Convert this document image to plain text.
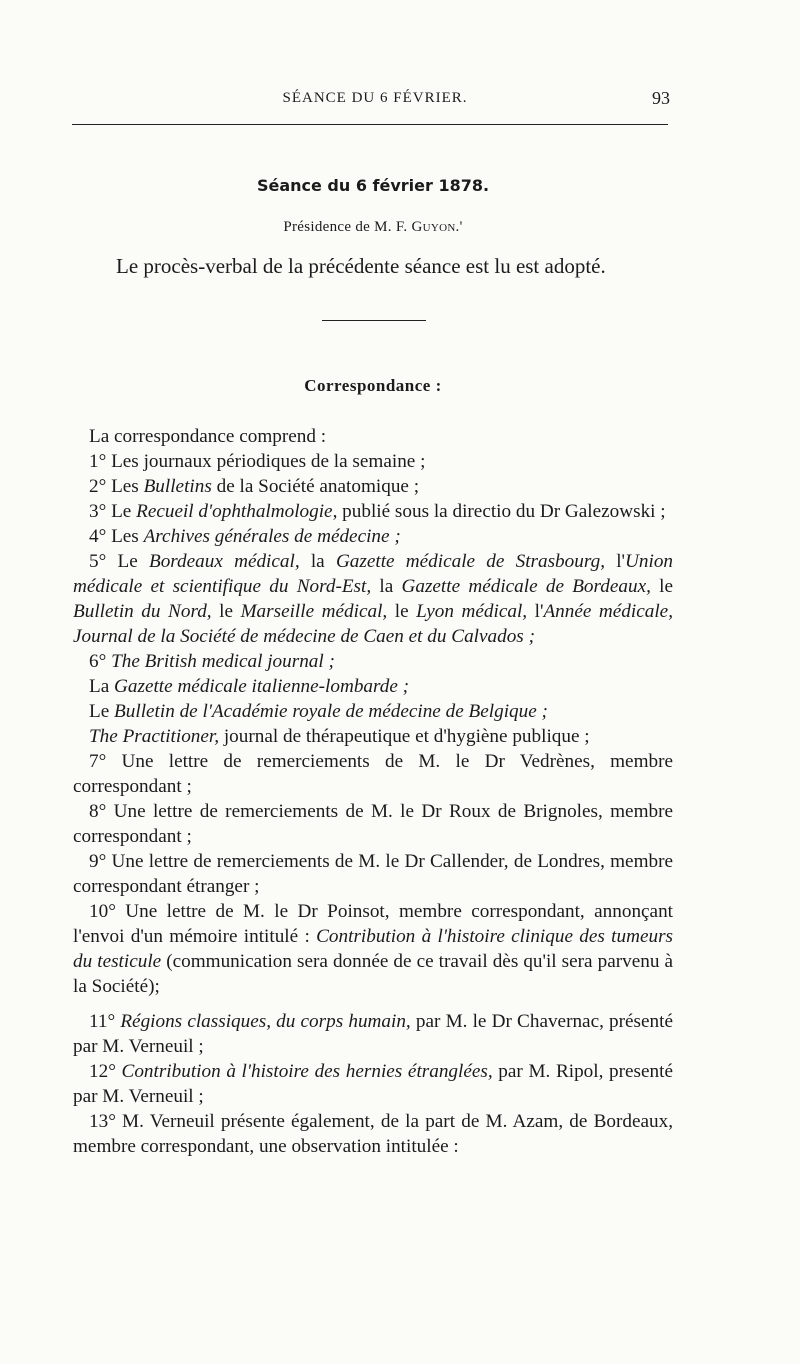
SÉANCE DU 6 FÉVRIER.	93
Séance du 6 février 1878.
Présidence de M. F. Guyon.'
Le procès-verbal de la précédente séance est lu est adopté.
Correspondance :

La correspondance comprend :

1° Les journaux périodiques de la semaine ;

2° Les Bulletins de la Société anatomique ;

3° Le Recueil d'ophthalmologie, publié sous la directio du Dr Galezowski ;

4° Les Archives générales de médecine ;

5° Le Bordeaux médical, la Gazette médicale de Strasbourg, l'Union médicale et scientifique du Nord-Est, la Gazette médicale de Bordeaux, le Bulletin du Nord, le Marseille médical, le Lyon médical, l'Année médicale, Journal de la Société de médecine de Caen et du Calvados ;

6° The British medical journal ;

La Gazette médicale italienne-lombarde ;

Le Bulletin de l'Académie royale de médecine de Belgique ;

The Practitioner, journal de thérapeutique et d'hygiène publique ;

7° Une lettre de remerciements de M. le Dr Vedrènes, membre correspondant ;

8° Une lettre de remerciements de M. le Dr Roux de Brignoles, membre correspondant ;

9° Une lettre de remerciements de M. le Dr Callender, de Londres, membre correspondant étranger ;

10° Une lettre de M. le Dr Poinsot, membre correspondant, annonçant l'envoi d'un mémoire intitulé : Contribution à l'histoire clinique des tumeurs du testicule (communication sera donnée de ce travail dès qu'il sera parvenu à la Société);

11° Régions classiques, du corps humain, par M. le Dr Chavernac, présenté par M. Verneuil ;

12° Contribution à l'histoire des hernies étranglées, par M. Ripol, presenté par M. Verneuil ;

13° M. Verneuil présente également, de la part de M. Azam, de Bordeaux, membre correspondant, une observation intitulée :
